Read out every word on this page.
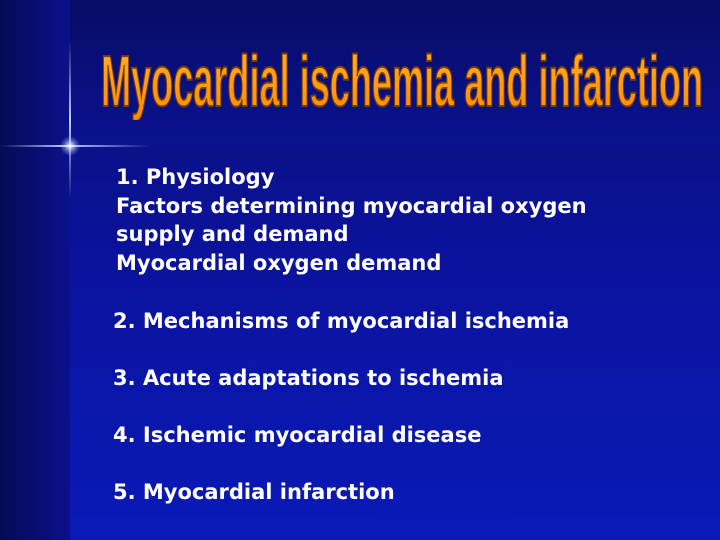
Myocardial ischemia and infarction
1. Physiology
Factors determining myocardial oxygen
supply and demand
Myocardial oxygen demand
2. Mechanisms of myocardial ischemia
3. Acute adaptations to ischemia
4. Ischemic myocardial disease
5. Myocardial infarction
